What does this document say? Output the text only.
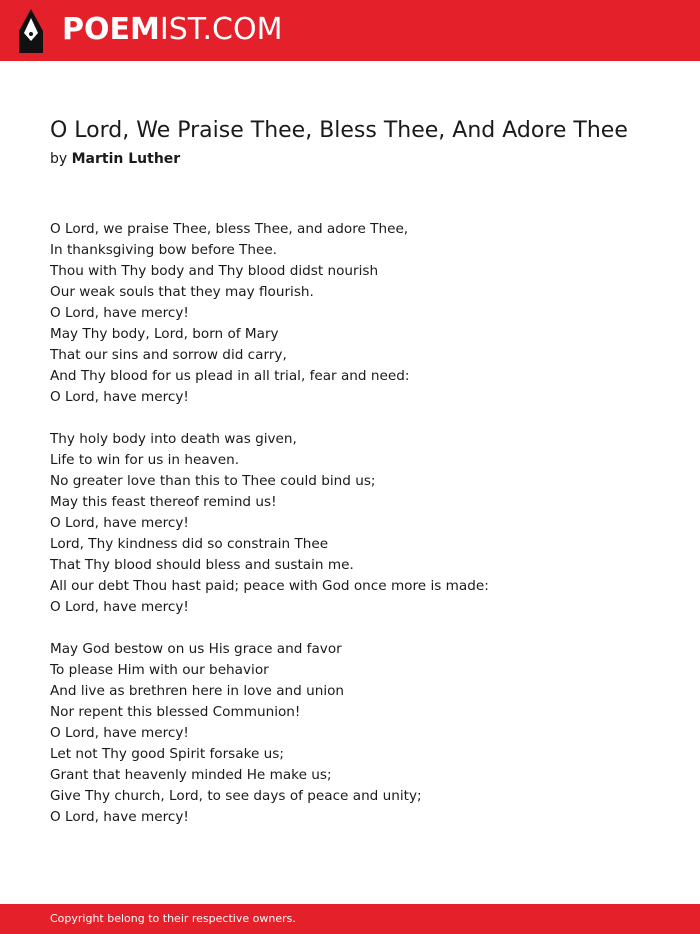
POEMIST.COM
O Lord, We Praise Thee, Bless Thee, And Adore Thee
by Martin Luther
O Lord, we praise Thee, bless Thee, and adore Thee,
In thanksgiving bow before Thee.
Thou with Thy body and Thy blood didst nourish
Our weak souls that they may flourish.
O Lord, have mercy!
May Thy body, Lord, born of Mary
That our sins and sorrow did carry,
And Thy blood for us plead in all trial, fear and need:
O Lord, have mercy!
Thy holy body into death was given,
Life to win for us in heaven.
No greater love than this to Thee could bind us;
May this feast thereof remind us!
O Lord, have mercy!
Lord, Thy kindness did so constrain Thee
That Thy blood should bless and sustain me.
All our debt Thou hast paid; peace with God once more is made:
O Lord, have mercy!
May God bestow on us His grace and favor
To please Him with our behavior
And live as brethren here in love and union
Nor repent this blessed Communion!
O Lord, have mercy!
Let not Thy good Spirit forsake us;
Grant that heavenly minded He make us;
Give Thy church, Lord, to see days of peace and unity;
O Lord, have mercy!
Copyright belong to their respective owners.
